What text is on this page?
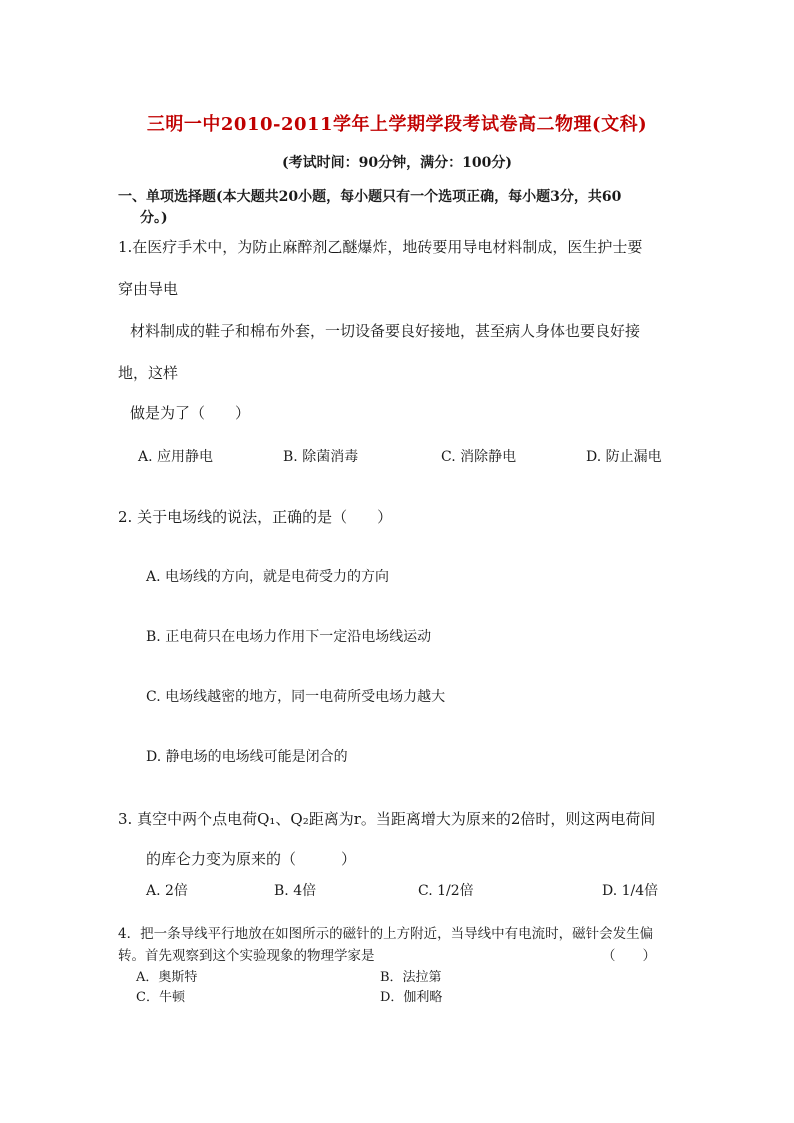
三明一中2010-2011学年上学期学段考试卷高二物理(文科)
(考试时间：90分钟，满分：100分)
一、单项选择题(本大题共20小题，每小题只有一个选项正确，每小题3分，共60
分。)
1.在医疗手术中，为防止麻醉剂乙醚爆炸，地砖要用导电材料制成，医生护士要
穿由导电
材料制成的鞋子和棉布外套，一切设备要良好接地，甚至病人身体也要良好接
地，这样
做是为了（　　）
A. 应用静电	B. 除菌消毒	C. 消除静电	D. 防止漏电
2. 关于电场线的说法，正确的是（　　）
A. 电场线的方向，就是电荷受力的方向
B. 正电荷只在电场力作用下一定沿电场线运动
C. 电场线越密的地方，同一电荷所受电场力越大
D. 静电场的电场线可能是闭合的
3. 真空中两个点电荷Q₁、Q₂距离为r。当距离增大为原来的2倍时，则这两电荷间
的库仑力变为原来的（　　　）
A. 2倍	B. 4倍	C. 1/2倍	D. 1/4倍
4．把一条导线平行地放在如图所示的磁针的上方附近，当导线中有电流时，磁针会发生偏
转。首先观察到这个实验现象的物理学家是	（　　）
A．奥斯特	B．法拉第
C．牛顿	D．伽利略
